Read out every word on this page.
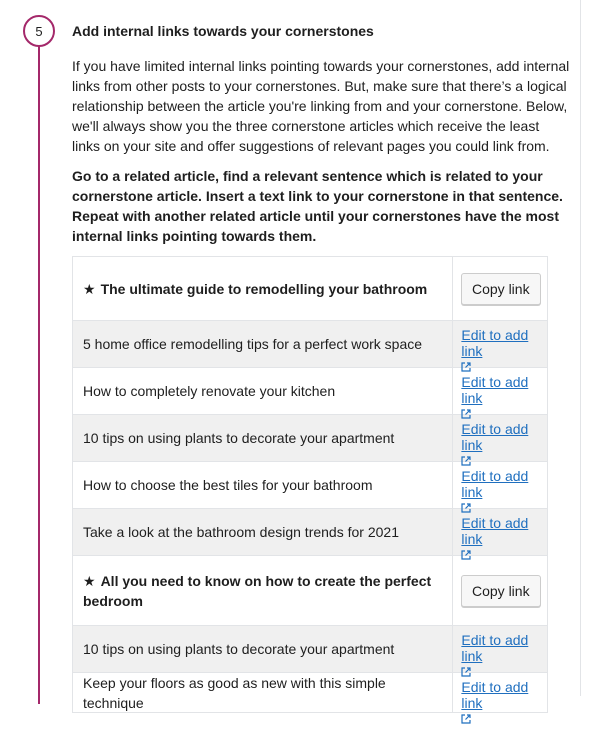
5 Add internal links towards your cornerstones

If you have limited internal links pointing towards your cornerstones, add internal links from other posts to your cornerstones. But, make sure that there’s a logical relationship between the article you're linking from and your cornerstone. Below, we'll always show you the three cornerstone articles which receive the least links on your site and offer suggestions of relevant pages you could link from.

Go to a related article, find a relevant sentence which is related to your cornerstone article. Insert a text link to your cornerstone in that sentence. Repeat with another related article until your cornerstones have the most internal links pointing towards them.

★ The ultimate guide to remodelling your bathroom	Copy link
5 home office remodelling tips for a perfect work space
Edit to add link
How to completely renovate your kitchen
Edit to add link
10 tips on using plants to decorate your apartment
Edit to add link
How to choose the best tiles for your bathroom
Edit to add link
Take a look at the bathroom design trends for 2021
Edit to add link
★ All you need to know on how to create the perfect bedroom
Copy link
10 tips on using plants to decorate your apartment
Edit to add link
Keep your floors as good as new with this simple technique
Edit to add link
